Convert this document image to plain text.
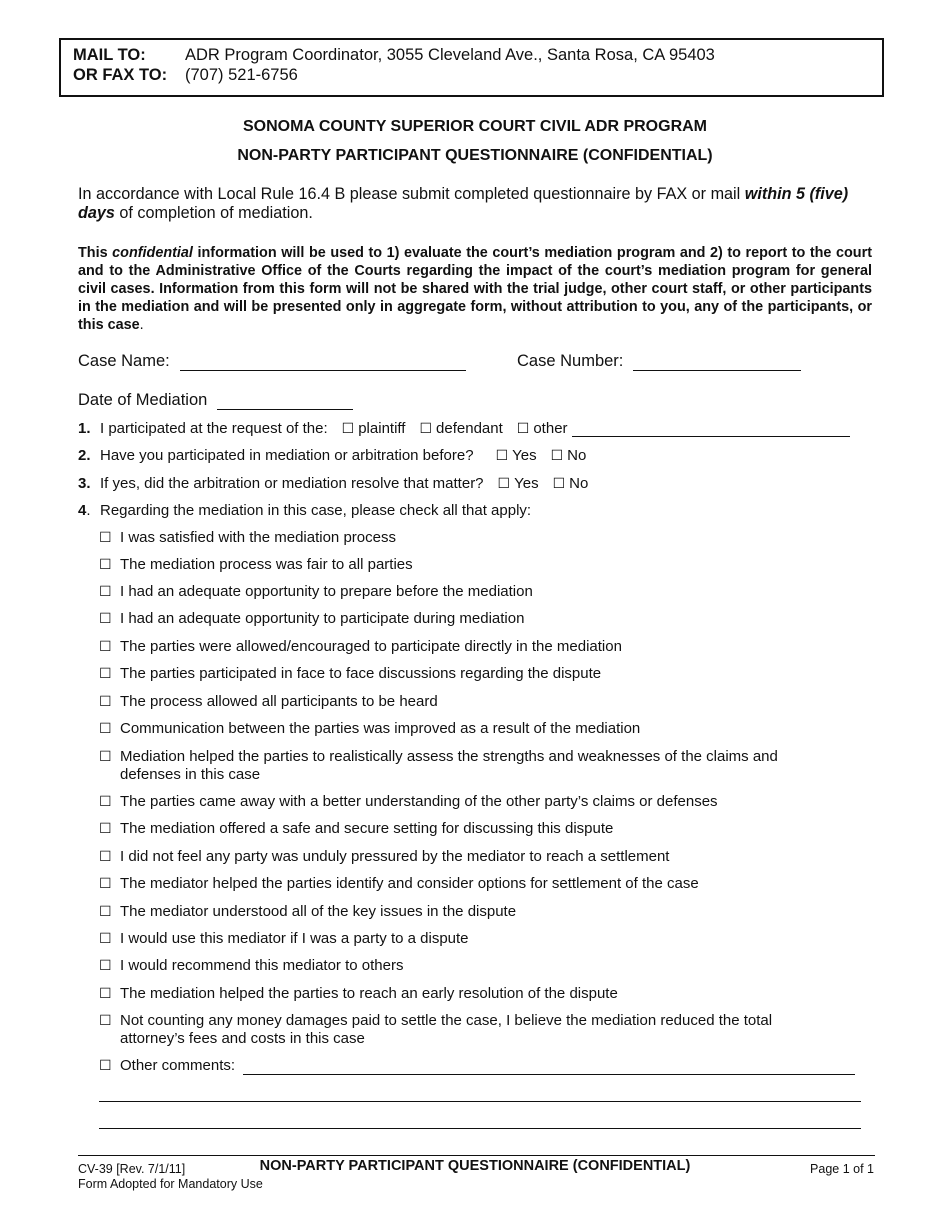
MAIL TO:	ADR Program Coordinator, 3055 Cleveland Ave., Santa Rosa, CA 95403
OR FAX TO:	(707) 521-6756
SONOMA COUNTY SUPERIOR COURT CIVIL ADR PROGRAM
NON-PARTY PARTICIPANT QUESTIONNAIRE (CONFIDENTIAL)
In accordance with Local Rule 16.4 B please submit completed questionnaire by FAX or mail within 5 (five) days of completion of mediation.
This confidential information will be used to 1) evaluate the court’s mediation program and 2) to report to the court and to the Administrative Office of the Courts regarding the impact of the court’s mediation program for general civil cases. Information from this form will not be shared with the trial judge, other court staff, or other participants in the mediation and will be presented only in aggregate form, without attribution to you, any of the participants, or this case.
Case Name:	Case Number:
Date of Mediation
1. I participated at the request of the: ☐ plaintiff ☐ defendant ☐ other
2. Have you participated in mediation or arbitration before? ☐ Yes ☐ No
3. If yes, did the arbitration or mediation resolve that matter? ☐ Yes ☐ No
4. Regarding the mediation in this case, please check all that apply:
☐ I was satisfied with the mediation process
☐ The mediation process was fair to all parties
☐ I had an adequate opportunity to prepare before the mediation
☐ I had an adequate opportunity to participate during mediation
☐ The parties were allowed/encouraged to participate directly in the mediation
☐ The parties participated in face to face discussions regarding the dispute
☐ The process allowed all participants to be heard
☐ Communication between the parties was improved as a result of the mediation
☐ Mediation helped the parties to realistically assess the strengths and weaknesses of the claims and defenses in this case
☐ The parties came away with a better understanding of the other party’s claims or defenses
☐ The mediation offered a safe and secure setting for discussing this dispute
☐ I did not feel any party was unduly pressured by the mediator to reach a settlement
☐ The mediator helped the parties identify and consider options for settlement of the case
☐ The mediator understood all of the key issues in the dispute
☐ I would use this mediator if I was a party to a dispute
☐ I would recommend this mediator to others
☐ The mediation helped the parties to reach an early resolution of the dispute
☐ Not counting any money damages paid to settle the case, I believe the mediation reduced the total attorney’s fees and costs in this case
☐ Other comments:
CV-39 [Rev. 7/1/11]
Form Adopted for Mandatory Use
NON-PARTY PARTICIPANT QUESTIONNAIRE (CONFIDENTIAL)	Page 1 of 1
